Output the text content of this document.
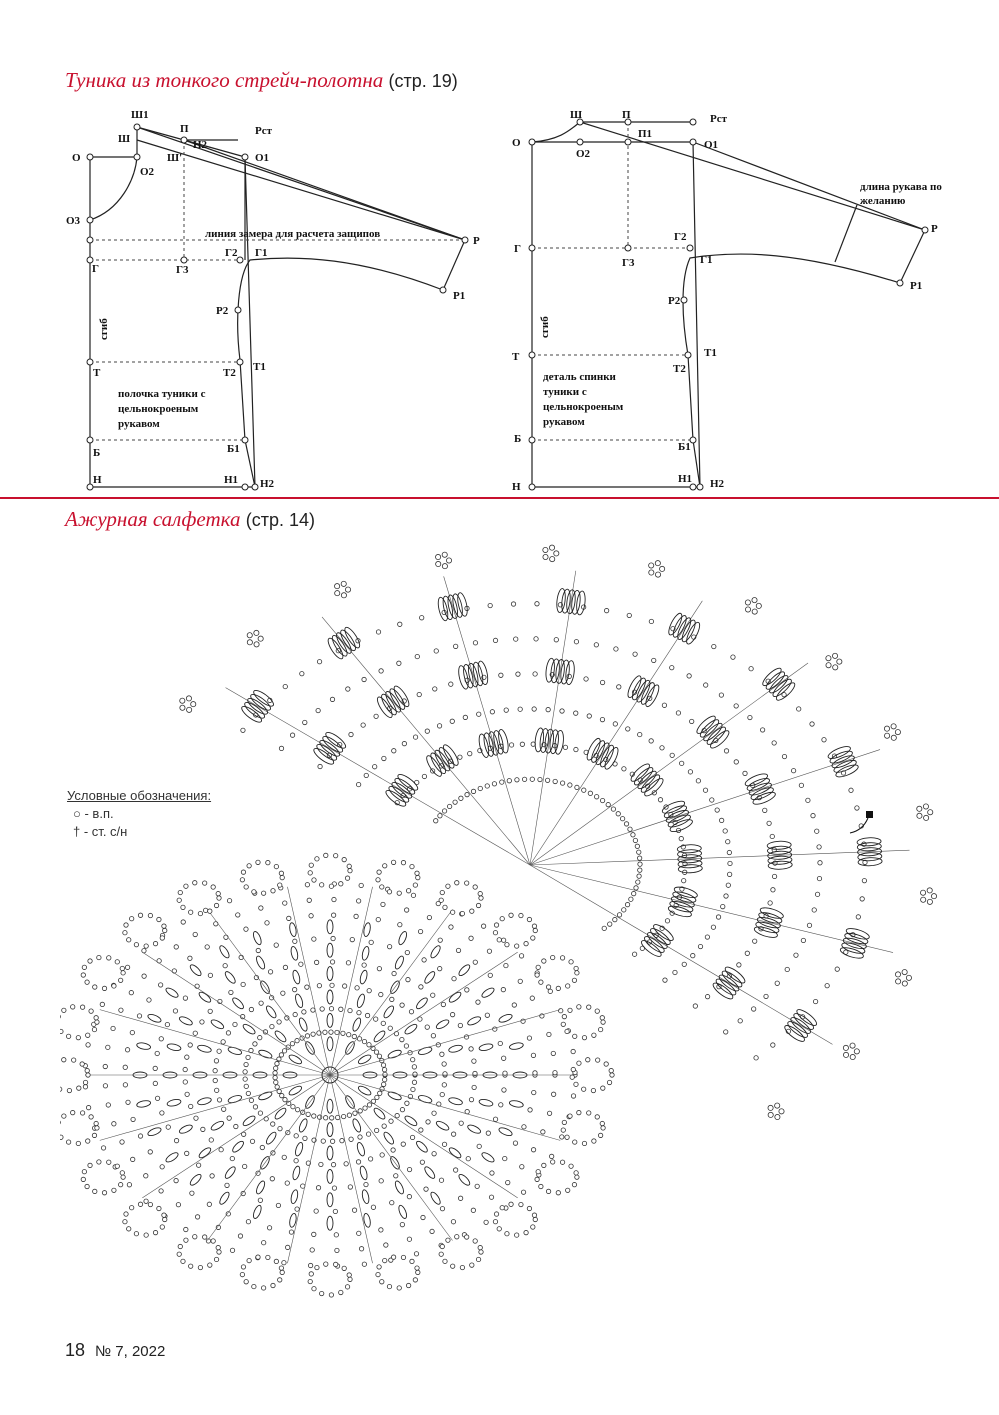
Туника из тонкого стрейч-полотна (стр. 19)
Ш1
П
Ш	Н2
Рст
О	Ш'	О1
О2
О3
линия замера для расчета защипов
Р
Г2 Г1
Г	Г3
Р1
Р2
сгиб
Т1
Т	Т2
полочка туники с
цельнокроеным
рукавом
Б1
Б
Н	Н1 Н2
Ш	П	Рст
О
П1
О1
О2
длина рукава по
желанию
Р
Г2
Г
Г1
Г3
Р1
Р2
сгиб
Т1
Т
Т2
деталь спинки
туники с
цельнокроеным
рукавом
Б
Б1
Н1
Н	Н2
Ажурная салфетка (стр. 14)
Условные обозначения:
○ - в.п.
† - ст. с/н
18 № 7, 2022
